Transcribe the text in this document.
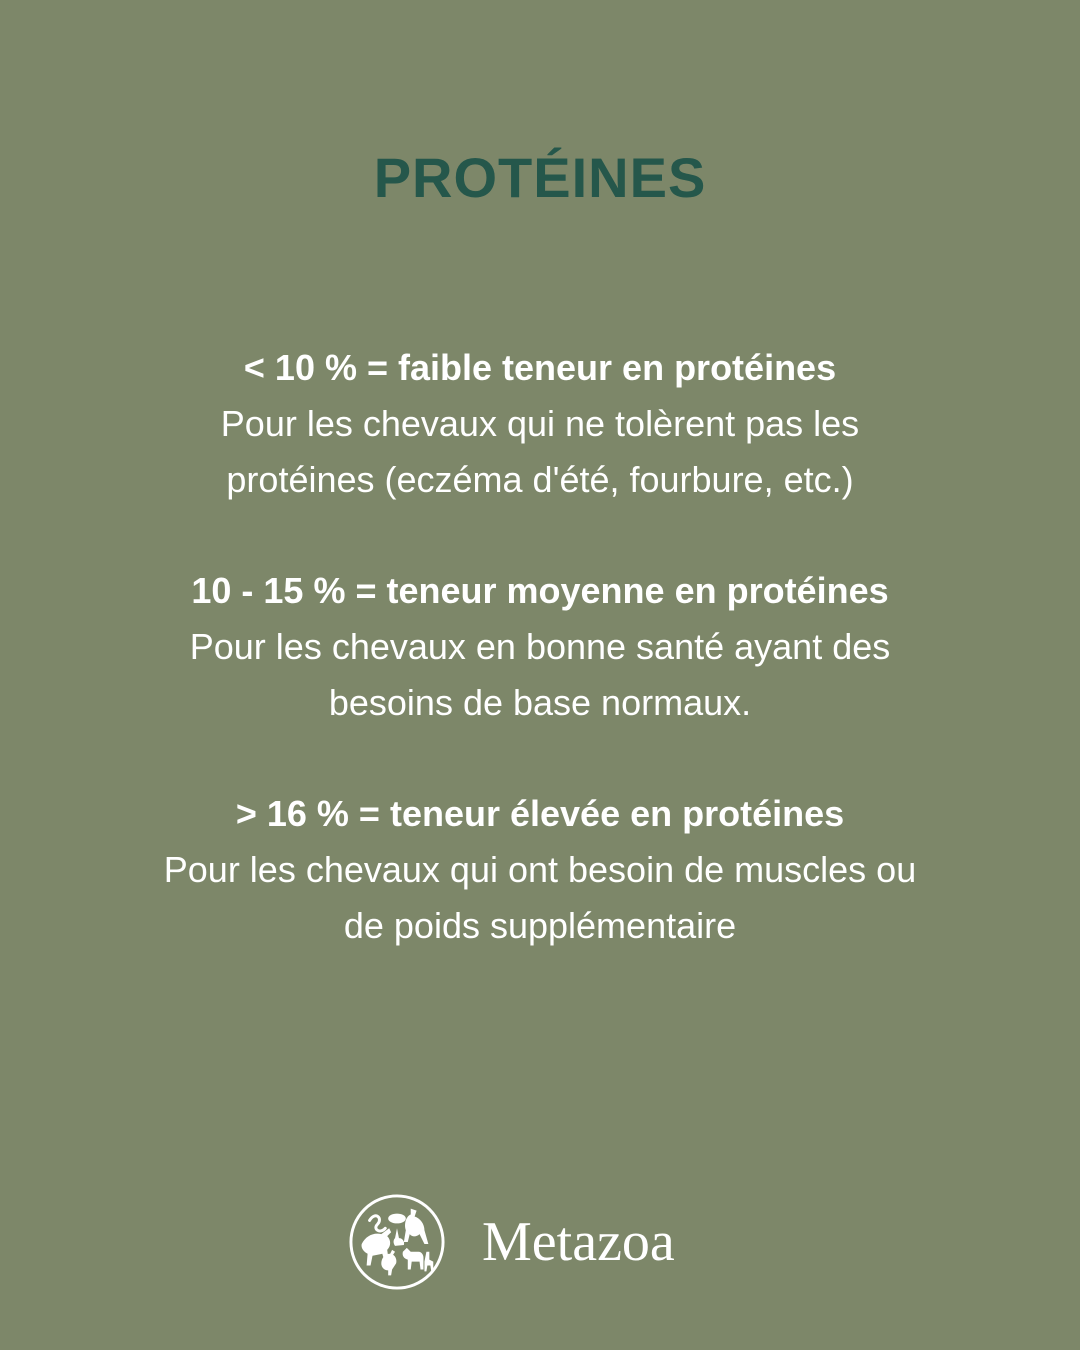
PROTÉINES
< 10 % = faible teneur en protéines
Pour les chevaux qui ne tolèrent pas les
protéines (eczéma d'été, fourbure, etc.)
10 - 15 % = teneur moyenne en protéines
Pour les chevaux en bonne santé ayant des
besoins de base normaux.
> 16 % = teneur élevée en protéines
Pour les chevaux qui ont besoin de muscles ou
de poids supplémentaire
Metazoa
